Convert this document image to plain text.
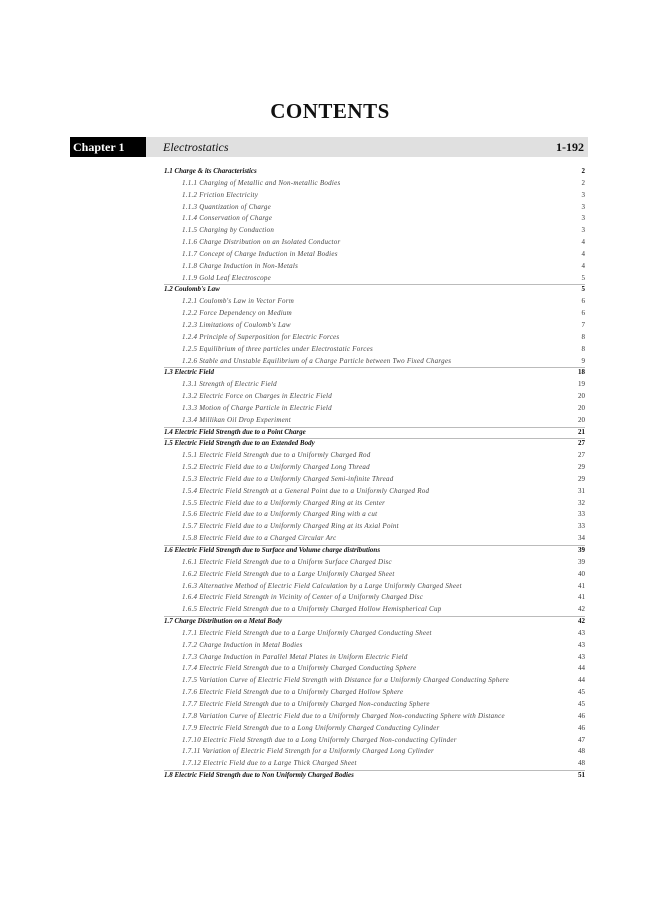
CONTENTS
Chapter 1	Electrostatics	1-192
1.1 Charge & its Characteristics	2
1.1.1 Charging of Metallic and Non-metallic Bodies	2
1.1.2 Friction Electricity	3
1.1.3 Quantization of Charge	3
1.1.4 Conservation of Charge	3
1.1.5 Charging by Conduction	3
1.1.6 Charge Distribution on an Isolated Conductor	4
1.1.7 Concept of Charge Induction in Metal Bodies	4
1.1.8 Charge Induction in Non-Metals	4
1.1.9 Gold Leaf Electroscope	5
1.2 Coulomb's Law	5
1.2.1 Coulomb's Law in Vector Form	6
1.2.2 Force Dependency on Medium	6
1.2.3 Limitations of Coulomb's Law	7
1.2.4 Principle of Superposition for Electric Forces	8
1.2.5 Equilibrium of three particles under Electrostatic Forces	8
1.2.6 Stable and Unstable Equilibrium of a Charge Particle between Two Fixed Charges	9
1.3 Electric Field	18
1.3.1 Strength of Electric Field	19
1.3.2 Electric Force on Charges in Electric Field	20
1.3.3 Motion of Charge Particle in Electric Field	20
1.3.4 Millikan Oil Drop Experiment	20
1.4 Electric Field Strength due to a Point Charge	21
1.5 Electric Field Strength due to an Extended Body	27
1.5.1 Electric Field Strength due to a Uniformly Charged Rod	27
1.5.2 Electric Field due to a Uniformly Charged Long Thread	29
1.5.3 Electric Field due to a Uniformly Charged Semi-infinite Thread	29
1.5.4 Electric Field Strength at a General Point due to a Uniformly Charged Rod	31
1.5.5 Electric Field due to a Uniformly Charged Ring at its Center	32
1.5.6 Electric Field due to a Uniformly Charged Ring with a cut	33
1.5.7 Electric Field due to a Uniformly Charged Ring at its Axial Point	33
1.5.8 Electric Field due to a Charged Circular Arc	34
1.6 Electric Field Strength due to Surface and Volume charge distributions	39
1.6.1 Electric Field Strength due to a Uniform Surface Charged Disc	39
1.6.2 Electric Field Strength due to a Large Uniformly Charged Sheet	40
1.6.3 Alternative Method of Electric Field Calculation by a Large Uniformly Charged Sheet	41
1.6.4 Electric Field Strength in Vicinity of Center of a Uniformly Charged Disc	41
1.6.5 Electric Field Strength due to a Uniformly Charged Hollow Hemispherical Cup	42
1.7 Charge Distribution on a Metal Body	42
1.7.1 Electric Field Strength due to a Large Uniformly Charged Conducting Sheet	43
1.7.2 Charge Induction in Metal Bodies	43
1.7.3 Charge Induction in Parallel Metal Plates in Uniform Electric Field	43
1.7.4 Electric Field Strength due to a Uniformly Charged Conducting Sphere	44
1.7.5 Variation Curve of Electric Field Strength with Distance for a Uniformly Charged Conducting Sphere	44
1.7.6 Electric Field Strength due to a Uniformly Charged Hollow Sphere	45
1.7.7 Electric Field Strength due to a Uniformly Charged Non-conducting Sphere	45
1.7.8 Variation Curve of Electric Field due to a Uniformly Charged Non-conducting Sphere with Distance	46
1.7.9 Electric Field Strength due to a Long Uniformly Charged Conducting Cylinder	46
1.7.10 Electric Field Strength due to a Long Uniformly Charged Non-conducting Cylinder	47
1.7.11 Variation of Electric Field Strength for a Uniformly Charged Long Cylinder	48
1.7.12 Electric Field due to a Large Thick Charged Sheet	48
1.8 Electric Field Strength due to Non Uniformly Charged Bodies	51
